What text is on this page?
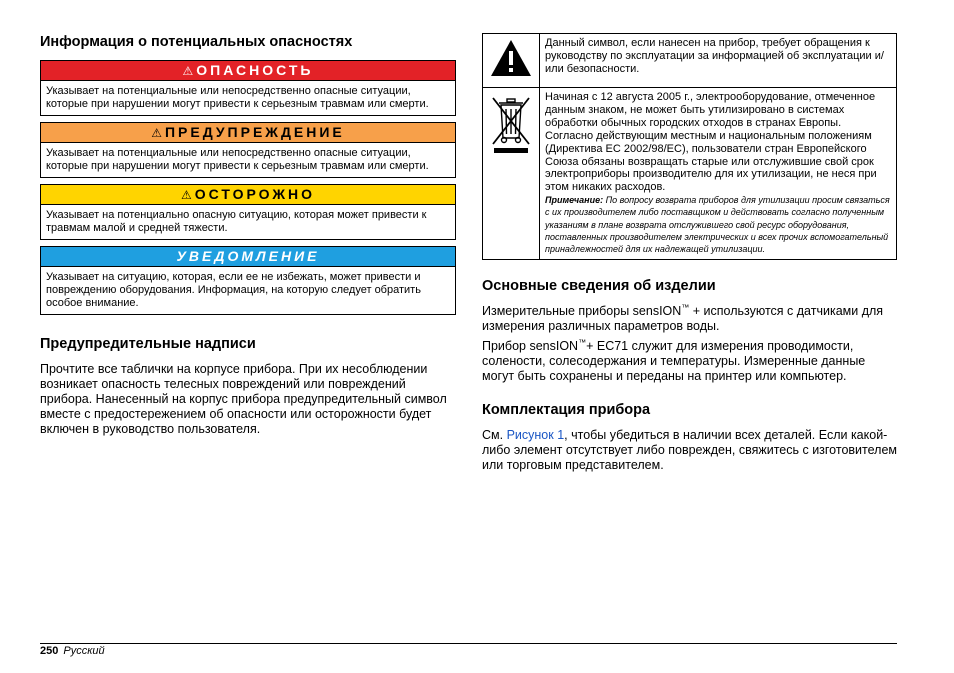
Информация о потенциальных опасностях
⚠ ОПАСНОСТЬ
Указывает на потенциальные или непосредственно опасные ситуации, которые при нарушении могут привести к серьезным травмам или смерти.
⚠ ПРЕДУПРЕЖДЕНИЕ
Указывает на потенциальные или непосредственно опасные ситуации, которые при нарушении могут привести к серьезным травмам или смерти.
⚠ ОСТОРОЖНО
Указывает на потенциально опасную ситуацию, которая может привести к травмам малой и средней тяжести.
УВЕДОМЛЕНИЕ
Указывает на ситуацию, которая, если ее не избежать, может привести и повреждению оборудования. Информация, на которую следует обратить особое внимание.
Предупредительные надписи

Прочтите все таблички на корпусе прибора. При их несоблюдении возникает опасность телесных повреждений или повреждений прибора. Нанесенный на корпус прибора предупредительный символ вместе с предостережением об опасности или осторожности будет включен в руководство пользователя.

	Данный символ, если нанесен на прибор, требует обращения к руководству по эксплуатации за информацией об эксплуатации и/или безопасности.
	Начиная с 12 августа 2005 г., электрооборудование, отмеченное данным знаком, не может быть утилизировано в системах обработки обычных городских отходов в странах Европы. Согласно действующим местным и национальным положениям (Директива ЕС 2002/98/ЕС), пользователи стран Европейского Союза обязаны возвращать старые или отслужившие свой срок электроприборы производителю для их утилизации, не неся при этом никаких расходов.
Примечание: По вопросу возврата приборов для утилизации просим связаться с их производителем либо поставщиком и действовать согласно полученным указаниям в плане возврата отслужившего свой ресурс оборудования, поставленных производителем электрических и всех прочих вспомогательный принадлежностей для их надлежащей утилизации.
Основные сведения об изделии

Измерительные приборы sensION™ + используются с датчиками для измерения различных параметров воды.

Прибор sensION™+ EC71 служит для измерения проводимости, солености, солесодержания и температуры. Измеренные данные могут быть сохранены и переданы на принтер или компьютер.

Комплектация прибора

См. Рисунок 1, чтобы убедиться в наличии всех деталей. Если какой-либо элемент отсутствует либо поврежден, свяжитесь с изготовителем или торговым представителем.

250 Русский
